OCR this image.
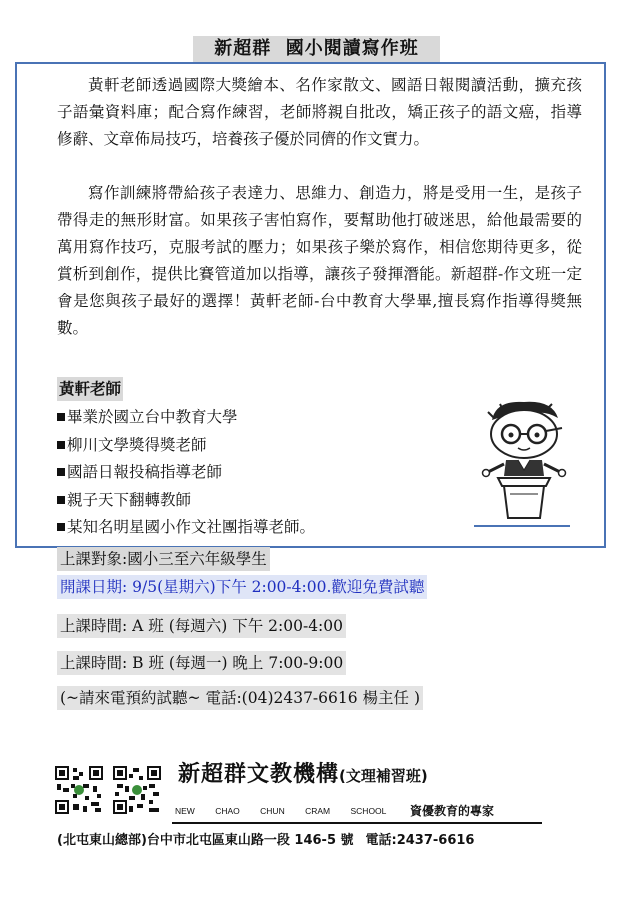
新超群  國小閱讀寫作班

黃軒老師透過國際大獎繪本、名作家散文、國語日報閱讀活動，擴充孩子語彙資料庫；配合寫作練習，老師將親自批改，矯正孩子的語文癌，指導修辭、文章佈局技巧，培養孩子優於同儕的作文實力。

寫作訓練將帶給孩子表達力、思維力、創造力，將是受用一生，是孩子帶得走的無形財富。如果孩子害怕寫作，要幫助他打破迷思，給他最需要的萬用寫作技巧，克服考試的壓力；如果孩子樂於寫作，相信您期待更多，從賞析到創作，提供比賽管道加以指導，讓孩子發揮潛能。新超群-作文班一定會是您與孩子最好的選擇！黃軒老師-台中教育大學畢,擅長寫作指導得獎無數。

黃軒老師
畢業於國立台中教育大學
柳川文學獎得獎老師
國語日報投稿指導老師
親子天下翻轉教師
某知名明星國小作文社團指導老師。
上課對象:國小三至六年級學生
開課日期: 9/5(星期六)下午 2:00-4:00.歡迎免費試聽
上課時間: A 班 (每週六) 下午 2:00-4:00
上課時間: B 班 (每週一) 晚上 7:00-9:00
(~請來電預約試聽~ 電話:(04)2437-6616 楊主任 )
新超群文教機構(文理補習班)
NEW CHAO CHUN CRAM SCHOOL	資優教育的專家
(北屯東山總部)台中市北屯區東山路一段 146-5 號 電話:2437-6616
